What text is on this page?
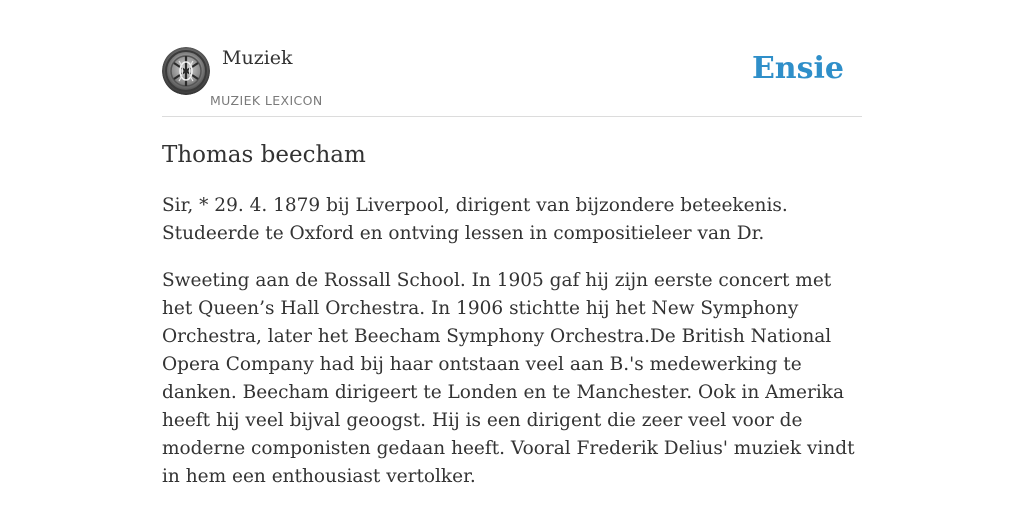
Muziek
MUZIEK LEXICON
Ensie
Thomas beecham

Sir, * 29. 4. 1879 bij Liverpool, dirigent van bijzondere beteekenis. Studeerde te Oxford en ontving lessen in compositieleer van Dr.

Sweeting aan de Rossall School. In 1905 gaf hij zijn eerste concert met het Queen’s Hall Orchestra. In 1906 stichtte hij het New Symphony Orchestra, later het Beecham Symphony Orchestra.De British National Opera Company had bij haar ontstaan veel aan B.'s medewerking te danken. Beecham dirigeert te Londen en te Manchester. Ook in Amerika heeft hij veel bijval geoogst. Hij is een dirigent die zeer veel voor de moderne componisten gedaan heeft. Vooral Frederik Delius' muziek vindt in hem een enthousiast vertolker.
